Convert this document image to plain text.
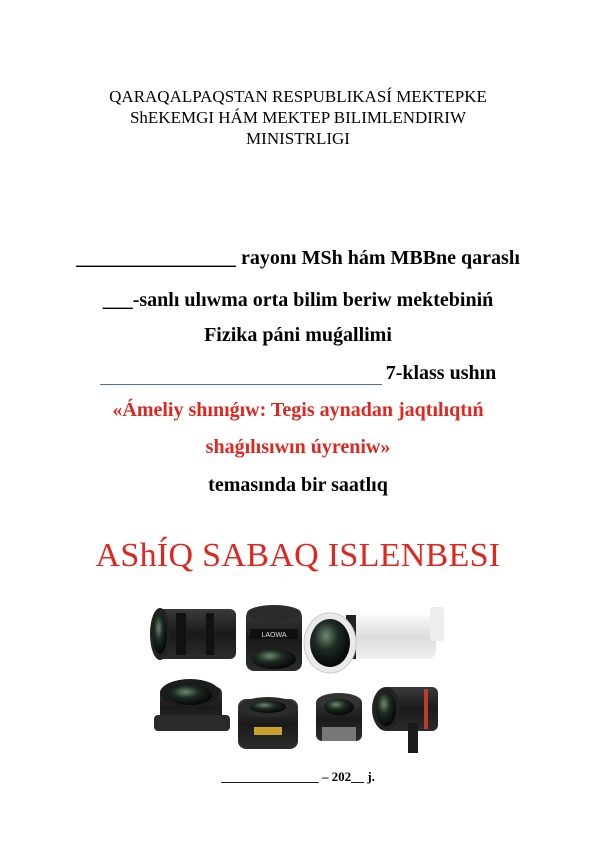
QARAQALPAQSTAN RESPUBLIKASÍ MEKTEPKE
ShEKEMGI HÁM MEKTEP BILIMLENDIRIW
MINISTRLIGI
________________ rayonı MSh hám MBBne qaraslı
___-sanlı ulıwma orta bilim beriw mektebiniń
Fizika páni muǵallimi
7-klass ushın
«Ámeliy shınıǵıw: Tegis aynadan jaqtılıqtıń
shaǵılısıwın úyreniw»
temasında bir saatlıq
AShÍQ SABAQ ISLENBESI
LAOWA
_______________ – 202__ j.
